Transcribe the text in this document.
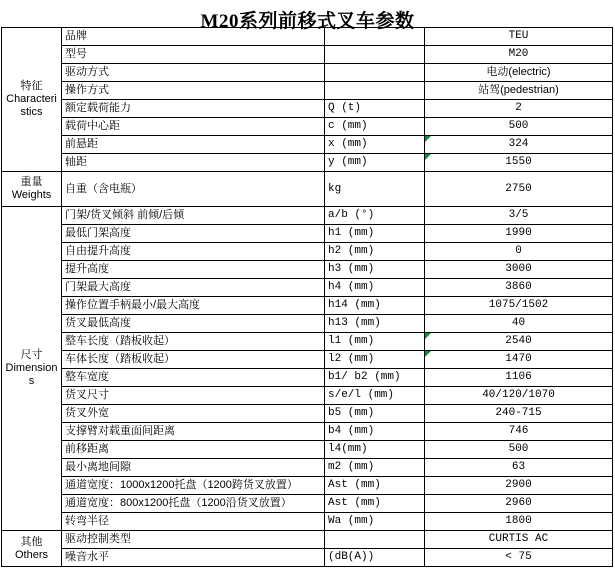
M20系列前移式叉车参数
特征
Characteri
stics	品牌		TEU
	型号		M20
	驱动方式		电动(electric)
	操作方式		站驾(pedestrian)
	额定载荷能力	Q (t)	2
	载荷中心距	c (mm)	500
	前悬距	x (mm)	324
	轴距	y (mm)	1550

重量
Weights	自重（含电瓶）	kg	2750

尺寸
Dimension
s	门架/货叉倾斜 前倾/后倾	a/b (°)	3/5
	最低门架高度	h1 (mm)	1990
	自由提升高度	h2 (mm)	0
	提升高度	h3 (mm)	3000
	门架最大高度	h4 (mm)	3860
	操作位置手柄最小/最大高度	h14 (mm)	1075/1502
	货叉最低高度	h13 (mm)	40
	整车长度（踏板收起）	l1 (mm)	2540
	车体长度（踏板收起）	l2 (mm)	1470
	整车宽度	b1/ b2 (mm)	1106
	货叉尺寸	s/e/l (mm)	40/120/1070
	货叉外宽	b5 (mm)	240-715
	支撑臂对载重面间距离	b4 (mm)	746
	前移距离	l4(mm)	500
	最小离地间隙	m2 (mm)	63
	通道宽度：1000x1200托盘（1200跨货叉放置）	Ast (mm)	2900
	通道宽度：800x1200托盘（1200沿货叉放置）	Ast (mm)	2960
	转弯半径	Wa (mm)	1800

其他
Others	驱动控制类型		CURTIS AC
	噪音水平	(dB(A))	< 75
